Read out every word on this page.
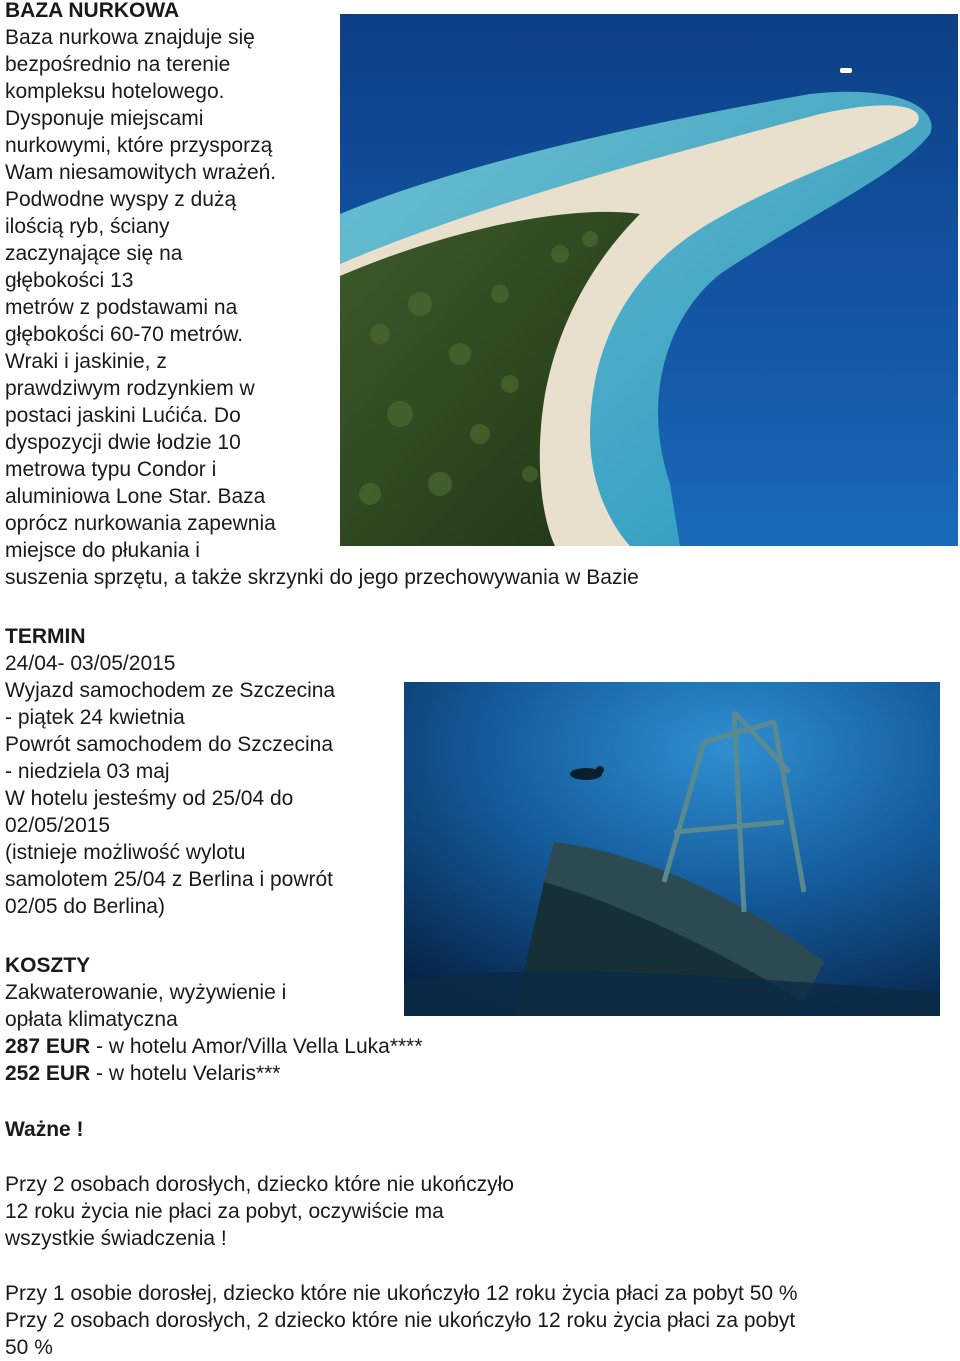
BAZA NURKOWA
Baza nurkowa znajduje się
bezpośrednio na terenie
kompleksu hotelowego.
Dysponuje miejscami
nurkowymi, które przysporzą
Wam niesamowitych wrażeń.
Podwodne wyspy z dużą
ilością ryb, ściany
zaczynające się na
głębokości 13
metrów z podstawami na
głębokości 60-70 metrów.
Wraki i jaskinie, z
prawdziwym rodzynkiem w
postaci jaskini Lućića. Do
dyspozycji dwie łodzie 10
metrowa typu Condor i
aluminiowa Lone Star. Baza
oprócz nurkowania zapewnia
miejsce do płukania i
suszenia sprzętu, a także skrzynki do jego przechowywania w Bazie
TERMIN
24/04- 03/05/2015
Wyjazd samochodem ze Szczecina
- piątek 24 kwietnia
Powrót samochodem do Szczecina
- niedziela 03 maj
W hotelu jesteśmy od 25/04 do
02/05/2015
(istnieje możliwość wylotu
samolotem 25/04 z Berlina i powrót
02/05 do Berlina)
KOSZTY
Zakwaterowanie, wyżywienie i
opłata klimatyczna
287 EUR - w hotelu Amor/Villa Vella Luka****
252 EUR - w hotelu Velaris***
Ważne !
Przy 2 osobach dorosłych, dziecko które nie ukończyło
12 roku życia nie płaci za pobyt, oczywiście ma
wszystkie świadczenia !
Przy 1 osobie dorosłej, dziecko które nie ukończyło 12 roku życia płaci za pobyt 50 %
Przy 2 osobach dorosłych, 2 dziecko które nie ukończyło 12 roku życia płaci za pobyt
50 %
